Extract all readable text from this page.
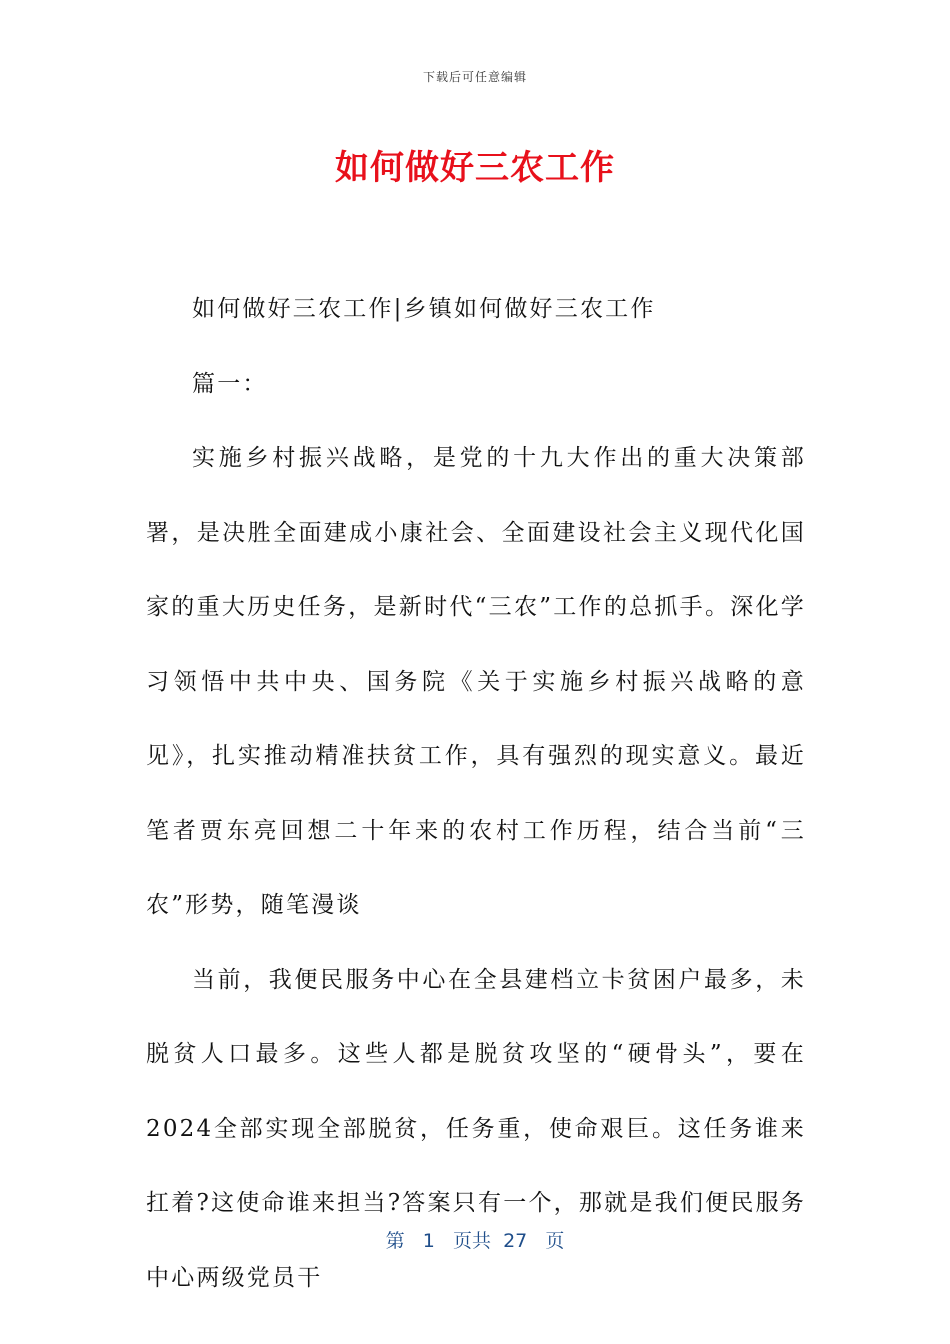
下载后可任意编辑
如何做好三农工作

如何做好三农工作|乡镇如何做好三农工作

篇一：

实施乡村振兴战略，是党的十九大作出的重大决策部署，是决胜全面建成小康社会、全面建设社会主义现代化国家的重大历史任务，是新时代“三农”工作的总抓手。深化学习领悟中共中央、国务院《关于实施乡村振兴战略的意见》，扎实推动精准扶贫工作，具有强烈的现实意义。最近笔者贾东亮回想二十年来的农村工作历程，结合当前“三农”形势，随笔漫谈

当前，我便民服务中心在全县建档立卡贫困户最多，未脱贫人口最多。这些人都是脱贫攻坚的“硬骨头”，要在2024全部实现全部脱贫，任务重，使命艰巨。这任务谁来扛着?这使命谁来担当?答案只有一个，那就是我们便民服务中心两级党员干

第 1 页共 27 页
